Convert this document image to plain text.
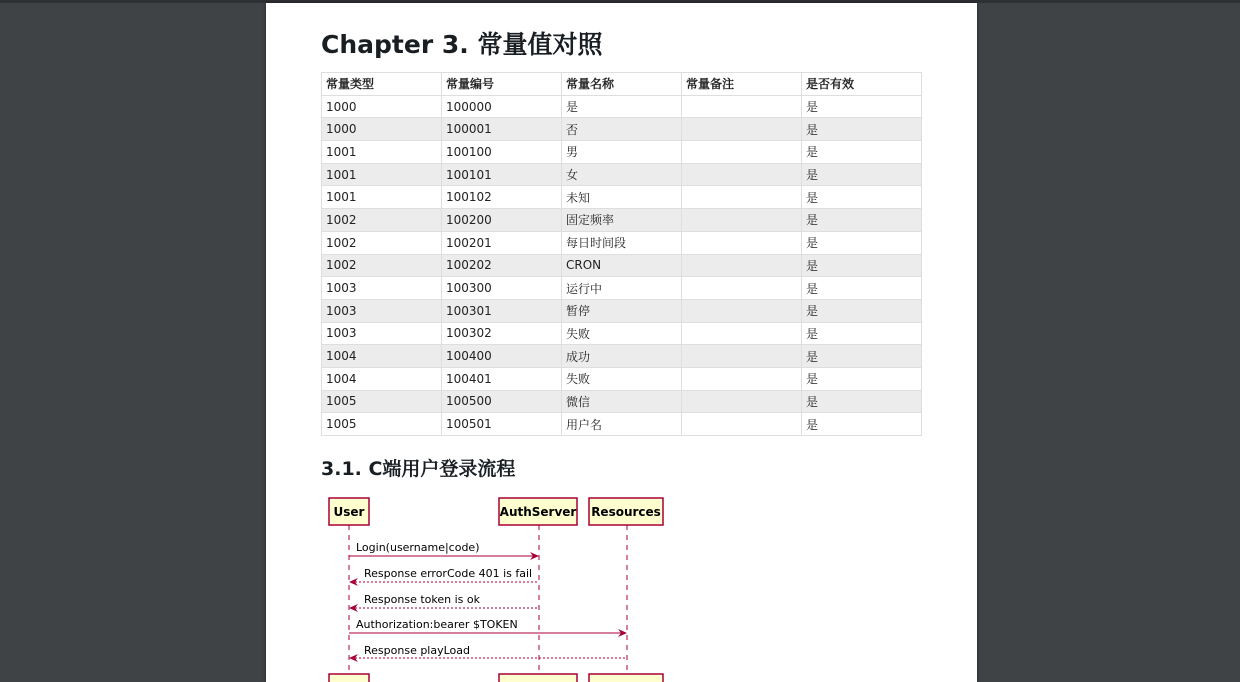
Chapter 3. 常量值对照
常量类型	常量编号	常量名称	常量备注	是否有效
1000	100000	是		是
1000	100001	否		是
1001	100100	男		是
1001	100101	女		是
1001	100102	未知		是
1002	100200	固定频率		是
1002	100201	每日时间段		是
1002	100202	CRON		是
1003	100300	运行中		是
1003	100301	暂停		是
1003	100302	失败		是
1004	100400	成功		是
1004	100401	失败		是
1005	100500	微信		是
1005	100501	用户名		是
3.1. C端用户登录流程
User	AuthServer Resources
Login(username|code)
Response errorCode 401 is fail
Response token is ok
Authorization:bearer $TOKEN
Response playLoad
